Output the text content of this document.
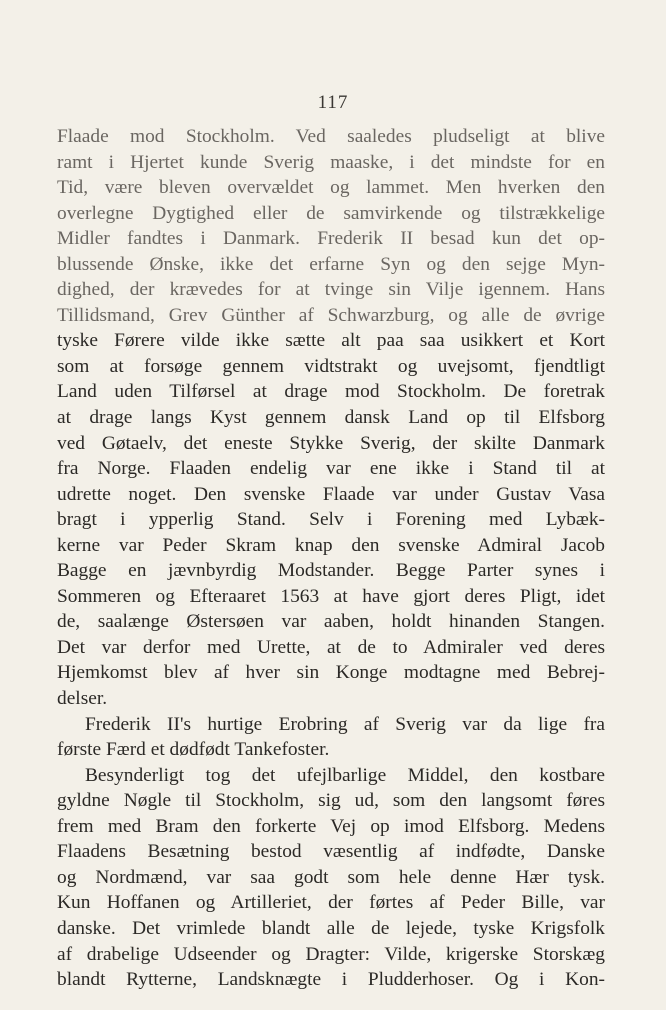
117
Flaade mod Stockholm. Ved saaledes pludseligt at blive
ramt i Hjertet kunde Sverig maaske, i det mindste for en
Tid, være bleven overvældet og lammet. Men hverken den
overlegne Dygtighed eller de samvirkende og tilstrækkelige
Midler fandtes i Danmark. Frederik II besad kun det op-
blussende Ønske, ikke det erfarne Syn og den sejge Myn-
dighed, der krævedes for at tvinge sin Vilje igennem. Hans
Tillidsmand, Grev Günther af Schwarzburg, og alle de øvrige
tyske Førere vilde ikke sætte alt paa saa usikkert et Kort
som at forsøge gennem vidtstrakt og uvejsomt, fjendtligt
Land uden Tilførsel at drage mod Stockholm. De foretrak
at drage langs Kyst gennem dansk Land op til Elfsborg
ved Gøtaelv, det eneste Stykke Sverig, der skilte Danmark
fra Norge. Flaaden endelig var ene ikke i Stand til at
udrette noget. Den svenske Flaade var under Gustav Vasa
bragt i ypperlig Stand. Selv i Forening med Lybæk-
kerne var Peder Skram knap den svenske Admiral Jacob
Bagge en jævnbyrdig Modstander. Begge Parter synes i
Sommeren og Efteraaret 1563 at have gjort deres Pligt, idet
de, saalænge Østersøen var aaben, holdt hinanden Stangen.
Det var derfor med Urette, at de to Admiraler ved deres
Hjemkomst blev af hver sin Konge modtagne med Bebrej-
delser.
Frederik II's hurtige Erobring af Sverig var da lige fra
første Færd et dødfødt Tankefoster.
Besynderligt tog det ufejlbarlige Middel, den kostbare
gyldne Nøgle til Stockholm, sig ud, som den langsomt føres
frem med Bram den forkerte Vej op imod Elfsborg. Medens
Flaadens Besætning bestod væsentlig af indfødte, Danske
og Nordmænd, var saa godt som hele denne Hær tysk.
Kun Hoffanen og Artilleriet, der førtes af Peder Bille, var
danske. Det vrimlede blandt alle de lejede, tyske Krigsfolk
af drabelige Udseender og Dragter: Vilde, krigerske Storskæg
blandt Rytterne, Landsknægte i Pludderhoser. Og i Kon-
